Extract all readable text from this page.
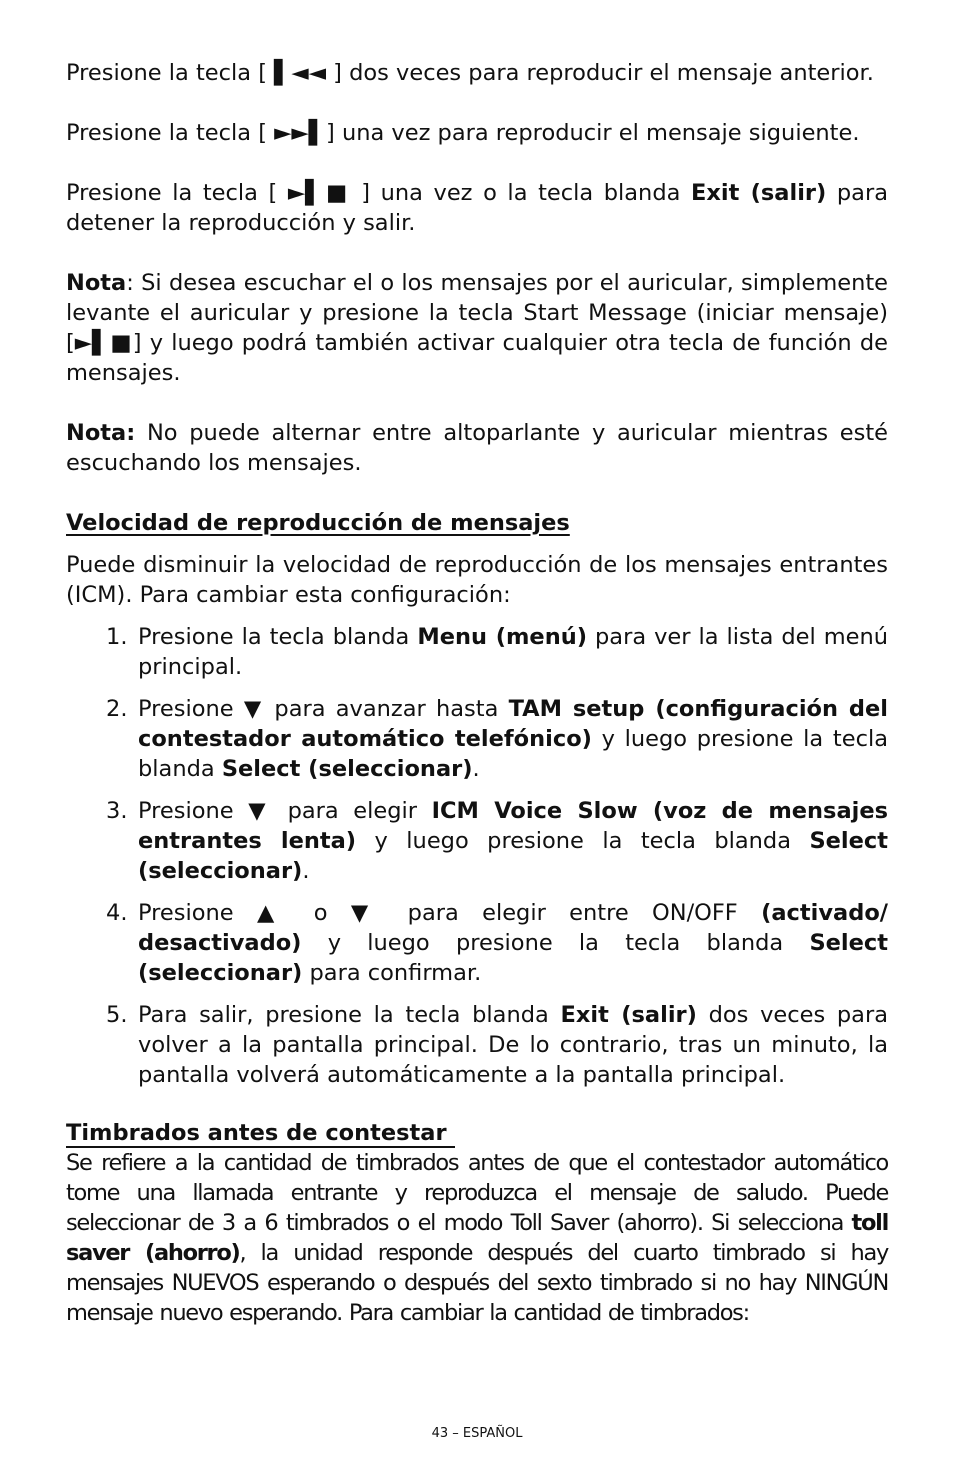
Presione la tecla [ ▌◄◄ ] dos veces para reproducir el mensaje anterior.

Presione la tecla [ ►►▌] una vez para reproducir el mensaje siguiente.

Presione la tecla [ ►▌■ ] una vez o la tecla blanda Exit (salir) para detener la reproducción y salir.

Nota: Si desea escuchar el o los mensajes por el auricular, simplemente levante el auricular y presione la tecla Start Message (iniciar mensaje) [►▌■] y luego podrá también activar cualquier otra tecla de función de mensajes.

Nota: No puede alternar entre altoparlante y auricular mientras esté escuchando los mensajes.

Velocidad de reproducción de mensajes

Puede disminuir la velocidad de reproducción de los mensajes entrantes (ICM). Para cambiar esta configuración:

1. Presione la tecla blanda Menu (menú) para ver la lista del menú principal.
2. Presione ▼ para avanzar hasta TAM setup (configuración del contestador automático telefónico) y luego presione la tecla blanda Select (seleccionar).
3. Presione ▼ para elegir ICM Voice Slow (voz de mensajes entrantes lenta) y luego presione la tecla blanda Select (seleccionar).
4. Presione ▲ o ▼ para elegir entre ON/OFF (activado/ desactivado) y luego presione la tecla blanda Select (seleccionar) para confirmar.
5. Para salir, presione la tecla blanda Exit (salir) dos veces para volver a la pantalla principal. De lo contrario, tras un minuto, la pantalla volverá automáticamente a la pantalla principal.
Timbrados antes de contestar

Se refiere a la cantidad de timbrados antes de que el contestador automático tome una llamada entrante y reproduzca el mensaje de saludo. Puede seleccionar de 3 a 6 timbrados o el modo Toll Saver (ahorro). Si selecciona toll saver (ahorro), la unidad responde después del cuarto timbrado si hay mensajes NUEVOS esperando o después del sexto timbrado si no hay NINGÚN mensaje nuevo esperando. Para cambiar la cantidad de timbrados:

43 – ESPAÑOL
